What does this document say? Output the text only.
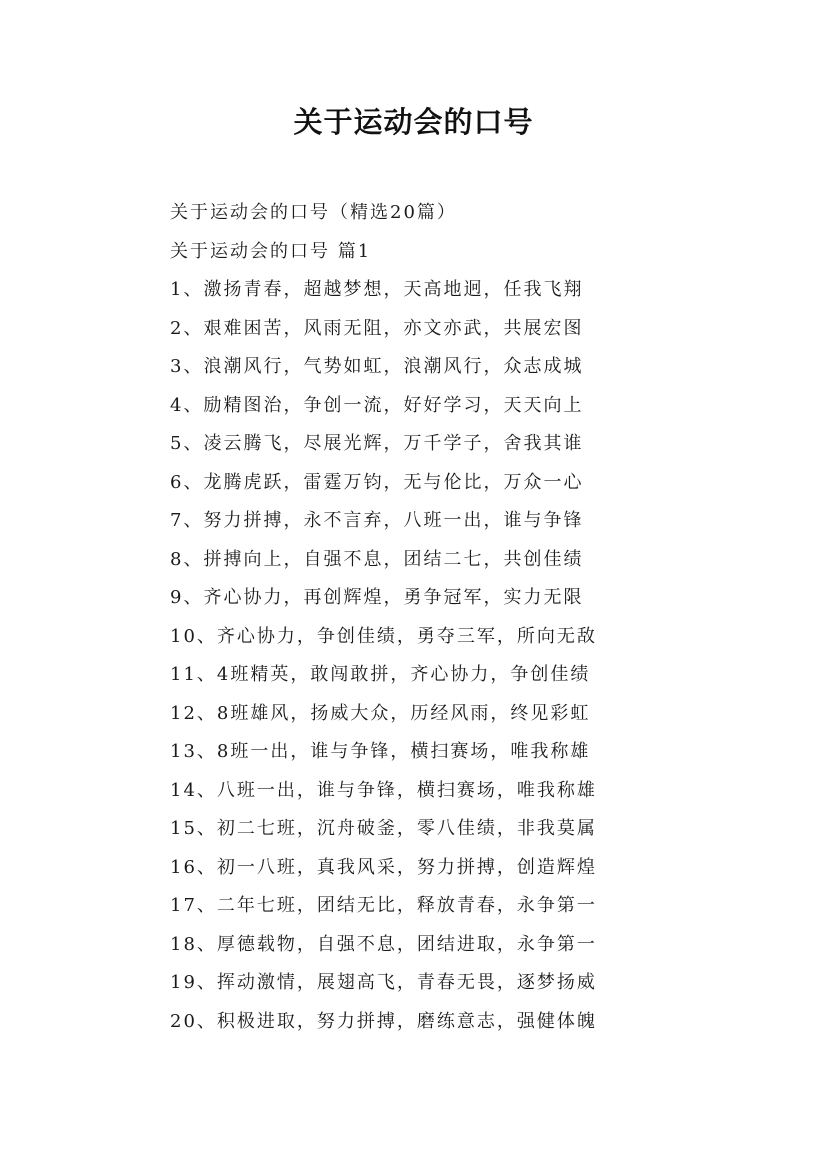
关于运动会的口号
关于运动会的口号（精选20篇）
关于运动会的口号 篇1
1、激扬青春，超越梦想，天高地迥，任我飞翔
2、艰难困苦，风雨无阻，亦文亦武，共展宏图
3、浪潮风行，气势如虹，浪潮风行，众志成城
4、励精图治，争创一流，好好学习，天天向上
5、凌云腾飞，尽展光辉，万千学子，舍我其谁
6、龙腾虎跃，雷霆万钧，无与伦比，万众一心
7、努力拼搏，永不言弃，八班一出，谁与争锋
8、拼搏向上，自强不息，团结二七，共创佳绩
9、齐心协力，再创辉煌，勇争冠军，实力无限
10、齐心协力，争创佳绩，勇夺三军，所向无敌
11、4班精英，敢闯敢拼，齐心协力，争创佳绩
12、8班雄风，扬威大众，历经风雨，终见彩虹
13、8班一出，谁与争锋，横扫赛场，唯我称雄
14、八班一出，谁与争锋，横扫赛场，唯我称雄
15、初二七班，沉舟破釜，零八佳绩，非我莫属
16、初一八班，真我风采，努力拼搏，创造辉煌
17、二年七班，团结无比，释放青春，永争第一
18、厚德载物，自强不息，团结进取，永争第一
19、挥动激情，展翅高飞，青春无畏，逐梦扬威
20、积极进取，努力拼搏，磨练意志，强健体魄
